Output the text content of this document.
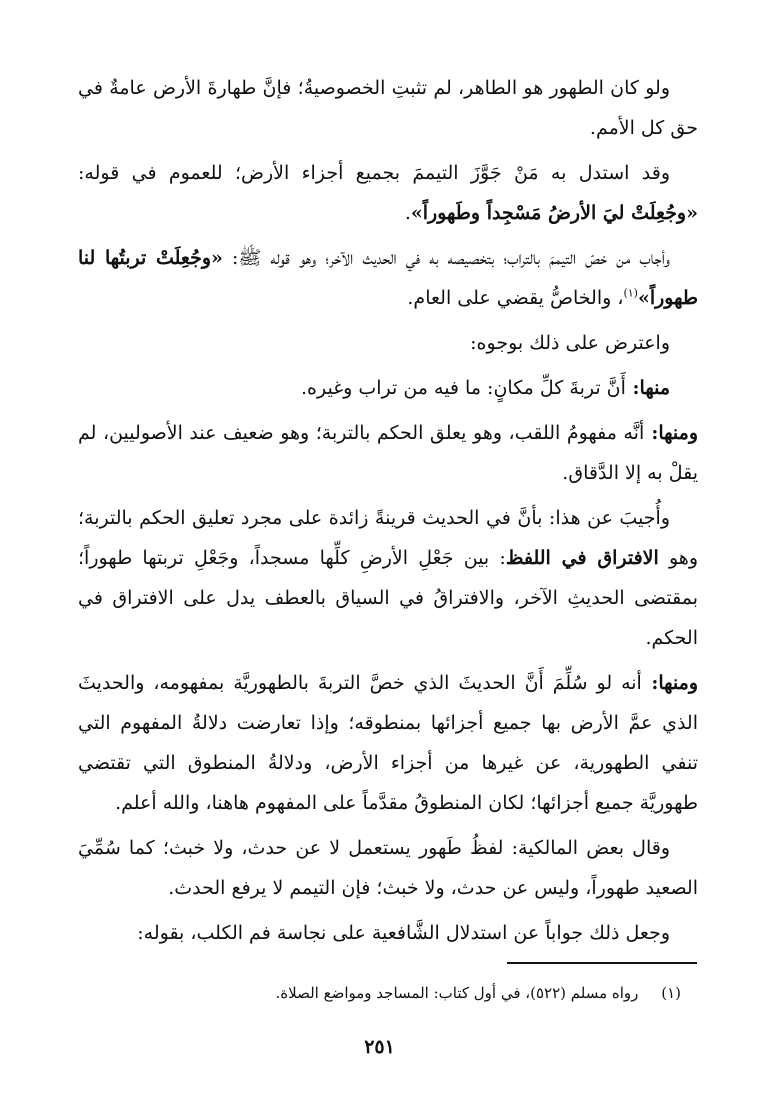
ولو كان الطهور هو الطاهر، لم تثبتِ الخصوصيةُ؛ فإنَّ طهارةَ الأرض عامةٌ في حق كل الأمم.

وقد استدل به مَنْ جَوَّزَ التيممَ بجميع أجزاء الأرض؛ للعموم في قوله: «وجُعِلَتْ ليَ الأرضُ مَسْجِداً وطَهوراً».

وأجاب من خصّ التيممَ بالتراب؛ بتخصيصه به في الحديث الآخر؛ وهو قوله ﷺ: «وجُعِلَتْ تربتُها لنا طهوراً»$^{(١)}$، والخاصُّ يقضي على العام.

واعترض على ذلك بوجوه:

منها: أَنَّ تربةَ كلِّ مكانٍ: ما فيه من تراب وغيره.

ومنها: أنَّه مفهومُ اللقب، وهو يعلق الحكم بالتربة؛ وهو ضعيف عند الأصوليين، لم يقلْ به إلا الدَّقاق.

وأُجيبَ عن هذا: بأنَّ في الحديث قرينةً زائدة على مجرد تعليق الحكم بالتربة؛ وهو الافتراق في اللفظ: بين جَعْلِ الأرضِ كلِّها مسجداً، وجَعْلِ تربتها طهوراً؛ بمقتضى الحديثِ الآخر، والافتراقُ في السياق بالعطف يدل على الافتراق في الحكم.

ومنها: أنه لو سُلِّمَ أَنَّ الحديثَ الذي خصَّ التربةَ بالطهوريَّة بمفهومه، والحديثَ الذي عمَّ الأرض بها جميع أجزائها بمنطوقه؛ وإذا تعارضت دلالةُ المفهوم التي تنفي الطهورية، عن غيرها من أجزاء الأرض، ودلالةُ المنطوق التي تقتضي طهوريَّة جميع أجزائها؛ لكان المنطوقُ مقدَّماً على المفهوم هاهنا، والله أعلم.

وقال بعض المالكية: لفظُ طَهور يستعمل لا عن حدث، ولا خبث؛ كما سُمِّيَ الصعيد طهوراً، وليس عن حدث، ولا خبث؛ فإن التيمم لا يرفع الحدث.

وجعل ذلك جواباً عن استدلال الشَّافعية على نجاسة فم الكلب، بقوله:

(١) رواه مسلم (٥٢٢)، في أول كتاب: المساجد ومواضع الصلاة.
٢٥١
